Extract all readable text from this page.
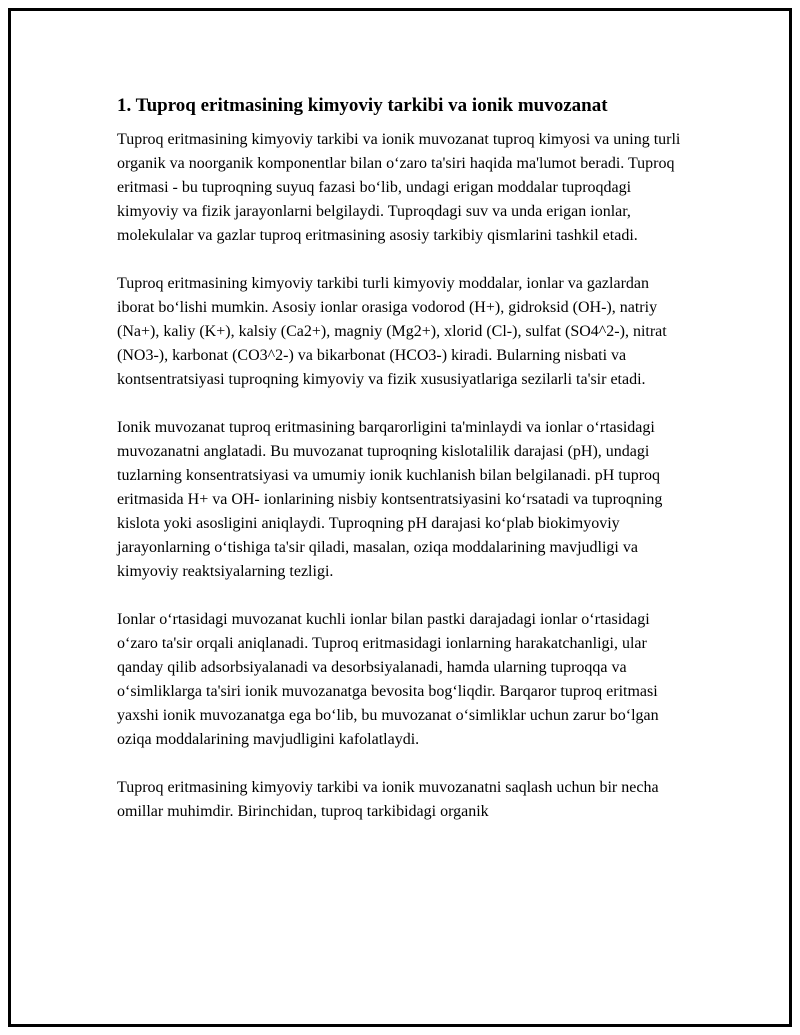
1. Tuproq eritmasining kimyoviy tarkibi va ionik muvozanat

Tuproq eritmasining kimyoviy tarkibi va ionik muvozanat tuproq kimyosi va uning turli organik va noorganik komponentlar bilan o‘zaro ta'siri haqida ma'lumot beradi. Tuproq eritmasi - bu tuproqning suyuq fazasi bo‘lib, undagi erigan moddalar tuproqdagi kimyoviy va fizik jarayonlarni belgilaydi. Tuproqdagi suv va unda erigan ionlar, molekulalar va gazlar tuproq eritmasining asosiy tarkibiy qismlarini tashkil etadi.

Tuproq eritmasining kimyoviy tarkibi turli kimyoviy moddalar, ionlar va gazlardan iborat bo‘lishi mumkin. Asosiy ionlar orasiga vodorod (H+), gidroksid (OH-), natriy (Na+), kaliy (K+), kalsiy (Ca2+), magniy (Mg2+), xlorid (Cl-), sulfat (SO4^2-), nitrat (NO3-), karbonat (CO3^2-) va bikarbonat (HCO3-) kiradi. Bularning nisbati va kontsentratsiyasi tuproqning kimyoviy va fizik xususiyatlariga sezilarli ta'sir etadi.

Ionik muvozanat tuproq eritmasining barqarorligini ta'minlaydi va ionlar o‘rtasidagi muvozanatni anglatadi. Bu muvozanat tuproqning kislotalilik darajasi (pH), undagi tuzlarning konsentratsiyasi va umumiy ionik kuchlanish bilan belgilanadi. pH tuproq eritmasida H+ va OH- ionlarining nisbiy kontsentratsiyasini ko‘rsatadi va tuproqning kislota yoki asosligini aniqlaydi. Tuproqning pH darajasi ko‘plab biokimyoviy jarayonlarning o‘tishiga ta'sir qiladi, masalan, oziqa moddalarining mavjudligi va kimyoviy reaktsiyalarning tezligi.

Ionlar o‘rtasidagi muvozanat kuchli ionlar bilan pastki darajadagi ionlar o‘rtasidagi o‘zaro ta'sir orqali aniqlanadi. Tuproq eritmasidagi ionlarning harakatchanligi, ular qanday qilib adsorbsiyalanadi va desorbsiyalanadi, hamda ularning tuproqqa va o‘simliklarga ta'siri ionik muvozanatga bevosita bog‘liqdir. Barqaror tuproq eritmasi yaxshi ionik muvozanatga ega bo‘lib, bu muvozanat o‘simliklar uchun zarur bo‘lgan oziqa moddalarining mavjudligini kafolatlaydi.

Tuproq eritmasining kimyoviy tarkibi va ionik muvozanatni saqlash uchun bir necha omillar muhimdir. Birinchidan, tuproq tarkibidagi organik
